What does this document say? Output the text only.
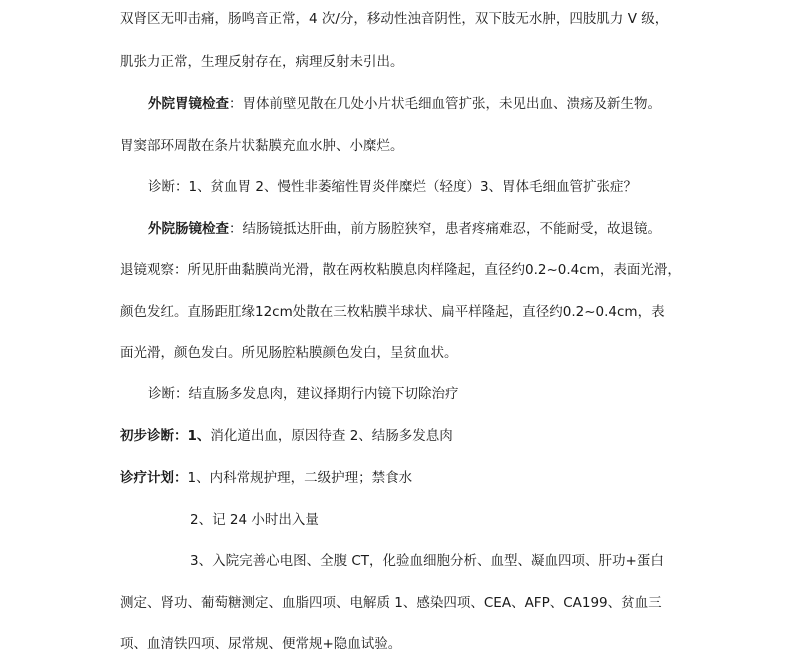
双肾区无叩击痛，肠鸣音正常，4 次/分，移动性浊音阴性，双下肢无水肿，四肢肌力 V 级，
肌张力正常，生理反射存在，病理反射未引出。
外院胃镜检查：胃体前壁见散在几处小片状毛细血管扩张，未见出血、溃疡及新生物。
胃窦部环周散在条片状黏膜充血水肿、小糜烂。
诊断：1、贫血胃 2、慢性非萎缩性胃炎伴糜烂（轻度）3、胃体毛细血管扩张症？
外院肠镜检查：结肠镜抵达肝曲，前方肠腔狭窄，患者疼痛难忍，不能耐受，故退镜。
退镜观察：所见肝曲黏膜尚光滑，散在两枚粘膜息肉样隆起，直径约0.2~0.4cm，表面光滑，
颜色发红。直肠距肛缘12cm处散在三枚粘膜半球状、扁平样隆起，直径约0.2~0.4cm，表
面光滑，颜色发白。所见肠腔粘膜颜色发白，呈贫血状。
诊断：结直肠多发息肉，建议择期行内镜下切除治疗
初步诊断：1、消化道出血，原因待查 2、结肠多发息肉
诊疗计划：1、内科常规护理，二级护理；禁食水
2、记 24 小时出入量
3、入院完善心电图、全腹 CT，化验血细胞分析、血型、凝血四项、肝功+蛋白
测定、肾功、葡萄糖测定、血脂四项、电解质 1、感染四项、CEA、AFP、CA199、贫血三
项、血清铁四项、尿常规、便常规+隐血试验。
